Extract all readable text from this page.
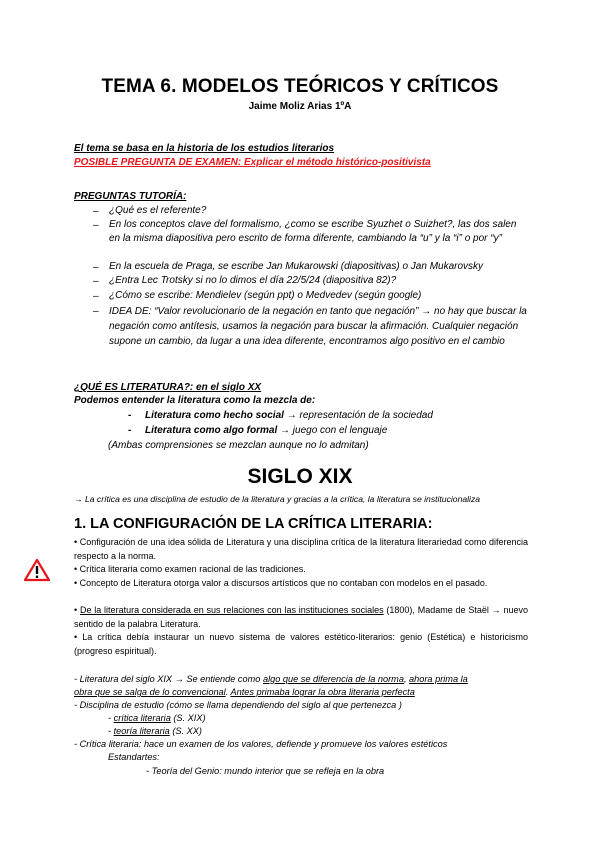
TEMA 6. MODELOS TEÓRICOS Y CRÍTICOS
Jaime Moliz Arias 1ºA
El tema se basa en la historia de los estudios literarios
POSIBLE PREGUNTA DE EXAMEN: Explicar el método histórico-positivista
PREGUNTAS TUTORÍA:
– ¿Qué es el referente?
– En los conceptos clave del formalismo, ¿como se escribe Syuzhet o Suizhet?, las dos salen en la misma diapositiva pero escrito de forma diferente, cambiando la “u” y la “i” o por “y”
– En la escuela de Praga, se escribe Jan Mukarowski (diapositivas) o Jan Mukarovsky
– ¿Entra Lec Trotsky si no lo dimos el día 22/5/24 (diapositiva 82)?
– ¿Cómo se escribe: Mendielev (según ppt) o Medvedev (según google)
– IDEA DE: “Valor revolucionario de la negación en tanto que negación” → no hay que buscar la negación como antítesis, usamos la negación para buscar la afirmación. Cualquier negación supone un cambio, da lugar a una idea diferente, encontramos algo positivo en el cambio
¿QUÉ ES LITERATURA?: en el siglo XX
Podemos entender la literatura como la mezcla de:
- Literatura como hecho social → representación de la sociedad
- Literatura como algo formal → juego con el lenguaje
(Ambas comprensiones se mezclan aunque no lo admitan)
SIGLO XIX
→ La crítica es una disciplina de estudio de la literatura y gracias a la crítica, la literatura se institucionaliza
1. LA CONFIGURACIÓN DE LA CRÍTICA LITERARIA:
• Configuración de una idea sólida de Literatura y una disciplina crítica de la literatura literariedad como diferencia respecto a la norma.
• Crítica literaria como examen racional de las tradiciones.
• Concepto de Literatura otorga valor a discursos artísticos que no contaban con modelos en el pasado.
• De la literatura considerada en sus relaciones con las instituciones sociales (1800), Madame de Staël → nuevo sentido de la palabra Literatura.
• La crítica debía instaurar un nuevo sistema de valores estético-literarios: genio (Estética) e historicismo (progreso espiritual).
- Literatura del siglo XIX → Se entiende como algo que se diferencia de la norma, ahora prima la
obra que se salga de lo convencional. Antes primaba lograr la obra literaria perfecta
- Disciplina de estudio (cómo se llama dependiendo del siglo al que pertenezca )
- crítica literaria (S. XIX)
- teoría literaria (S. XX)
- Crítica literaria: hace un examen de los valores, defiende y promueve los valores estéticos
Estandartes:
- Teoría del Genio: mundo interior que se refleja en la obra
